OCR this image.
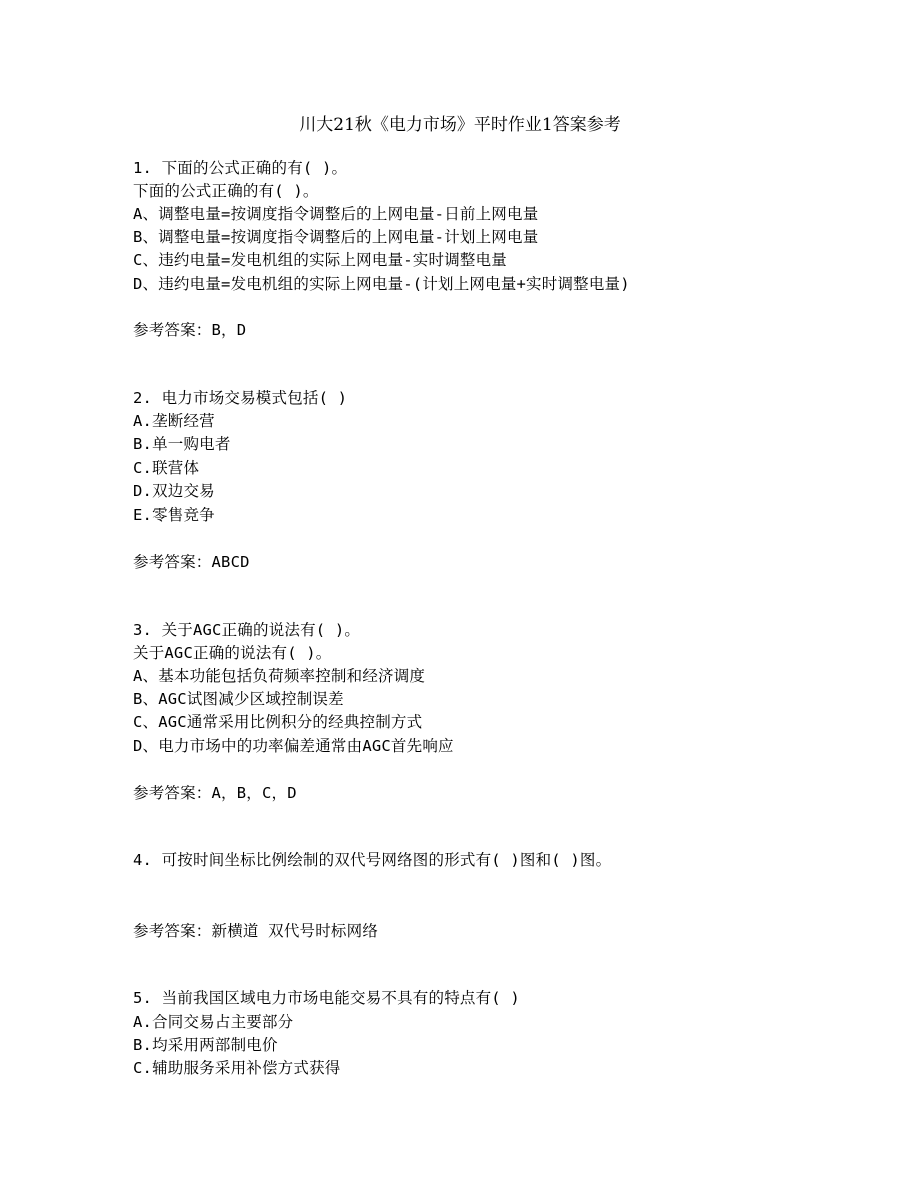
川大21秋《电力市场》平时作业1答案参考
1. 下面的公式正确的有( )。
下面的公式正确的有( )。
A、调整电量=按调度指令调整后的上网电量-日前上网电量
B、调整电量=按调度指令调整后的上网电量-计划上网电量
C、违约电量=发电机组的实际上网电量-实时调整电量
D、违约电量=发电机组的实际上网电量-(计划上网电量+实时调整电量)
参考答案：B，D
2. 电力市场交易模式包括( )
A.垄断经营
B.单一购电者
C.联营体
D.双边交易
E.零售竞争
参考答案：ABCD
3. 关于AGC正确的说法有( )。
关于AGC正确的说法有( )。
A、基本功能包括负荷频率控制和经济调度
B、AGC试图减少区域控制误差
C、AGC通常采用比例积分的经典控制方式
D、电力市场中的功率偏差通常由AGC首先响应
参考答案：A，B，C，D
4. 可按时间坐标比例绘制的双代号网络图的形式有( )图和( )图。
参考答案：新横道 双代号时标网络
5. 当前我国区域电力市场电能交易不具有的特点有( )
A.合同交易占主要部分
B.均采用两部制电价
C.辅助服务采用补偿方式获得
